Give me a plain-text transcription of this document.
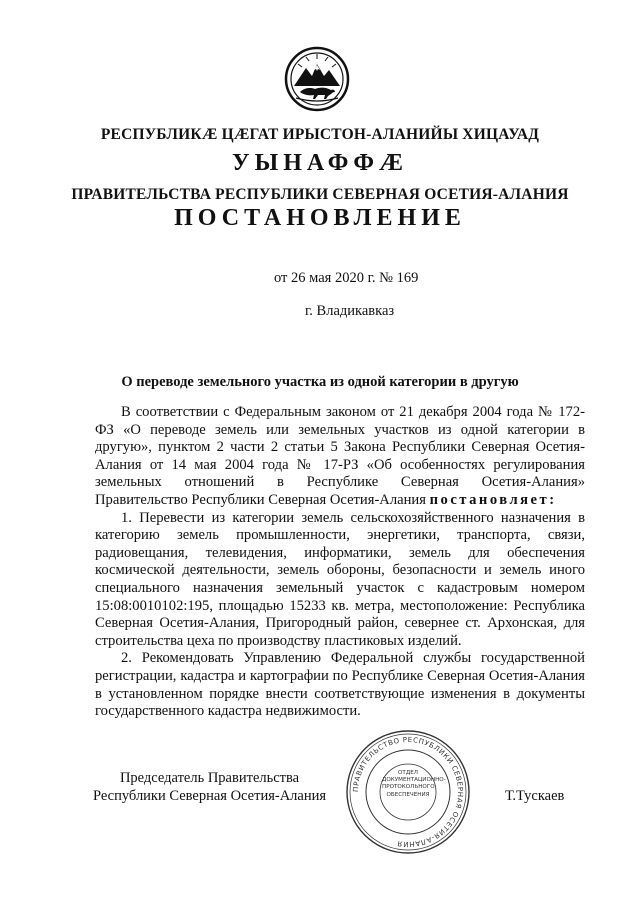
РЕСПУБЛИКӔ ЦӔГАТ ИРЫСТОН-АЛАНИЙЫ ХИЦАУАД
УЫНАФФӔ
ПРАВИТЕЛЬСТВА РЕСПУБЛИКИ СЕВЕРНАЯ ОСЕТИЯ-АЛАНИЯ
ПОСТАНОВЛЕНИЕ
от 26 мая 2020 г. № 169
г. Владикавказ
О переводе земельного участка из одной категории в другую

В соответствии с Федеральным законом от 21 декабря 2004 года № 172-ФЗ «О переводе земель или земельных участков из одной категории в другую», пунктом 2 части 2 статьи 5 Закона Республики Северная Осетия-Алания от 14 мая 2004 года № 17-РЗ «Об особенностях регулирования земельных отношений в Республике Северная Осетия-Алания» Правительство Республики Северная Осетия-Алания постановляет:

1. Перевести из категории земель сельскохозяйственного назначения в категорию земель промышленности, энергетики, транспорта, связи, радиовещания, телевидения, информатики, земель для обеспечения космической деятельности, земель обороны, безопасности и земель иного специального назначения земельный участок с кадастровым номером 15:08:0010102:195, площадью 15233 кв. метра, местоположение: Республика Северная Осетия-Алания, Пригородный район, севернее ст. Архонская, для строительства цеха по производству пластиковых изделий.

2. Рекомендовать Управлению Федеральной службы государственной регистрации, кадастра и картографии по Республике Северная Осетия-Алания в установленном порядке внести соответствующие изменения в документы государственного кадастра недвижимости.

Председатель Правительства
Республики Северная Осетия-Алания	ПРАВИТЕЛЬСТВО РЕСПУБЛИКИ СЕВЕРНАЯ ОСЕТИЯ-АЛАНИЯ
ОТДЕЛ
ДОКУМЕНТАЦИОННО-
ПРОТОКОЛЬНОГО
ОБЕСПЕЧЕНИЯ	Т.Тускаев
